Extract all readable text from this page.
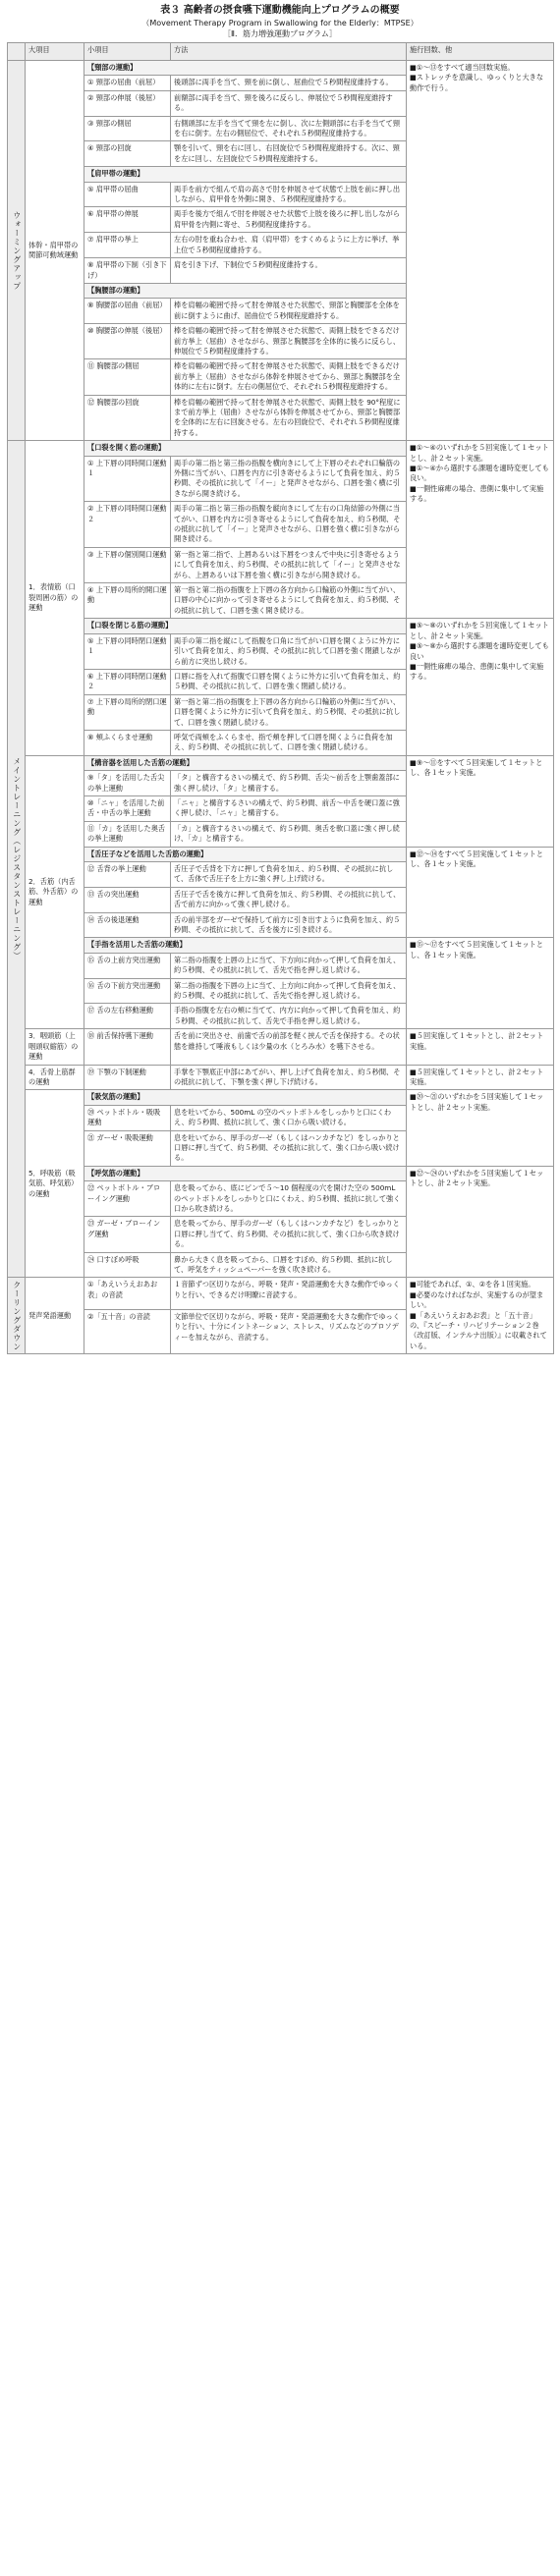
表３ 高齢者の摂食嚥下運動機能向上プログラムの概要
（Movement Therapy Program in Swallowing for the Elderly：MTPSE）
［Ⅱ．筋力増強運動プログラム］
	大項目	小項目	方法	施行回数、他

ウォーミングアップ	体幹・肩甲帯の関節可動域運動	【頸部の運動】		■①〜⑬をすべて適当回数実施。
■ストレッチを意識し、ゆっくりと大きな動作で行う。
		① 頸部の屈曲（前屈）	後頭部に両手を当て、頸を前に倒し、屈曲位で５秒間程度維持する。	
		② 頸部の伸展（後屈）	前額部に両手を当て、頸を後ろに反らし、伸展位で５秒間程度維持する。	
		③ 頸部の側屈	右側頭部に左手を当てて頸を左に倒し、次に左側頭部に右手を当てて頸を右に倒す。左右の側屈位で、それぞれ５秒間程度維持する。	
		④ 頸部の回旋	顎を引いて、頸を右に回し、右回旋位で５秒間程度維持する。次に、頸を左に回し、左回旋位で５秒間程度維持する。	
		【肩甲帯の運動】		
		⑤ 肩甲帯の屈曲	両手を前方で組んで肩の高さで肘を伸展させて状態で上肢を前に押し出しながら、肩甲骨を外側に開き、５秒間程度維持する。	
		⑥ 肩甲帯の伸展	両手を後方で組んで肘を伸展させた状態で上肢を後ろに押し出しながら肩甲骨を内側に寄せ、５秒間程度維持する。	
		⑦ 肩甲帯の挙上	左右の肘を重ね合わせ、肩（肩甲帯）をすくめるように上方に挙げ、挙上位で５秒間程度維持する。	
		⑧ 肩甲帯の下制（引き下げ）	肩を引き下げ、下制位で５秒間程度維持する。	
		【胸腰部の運動】		
		⑧ 胸腰部の屈曲（前屈）	棒を肩幅の範囲で持って肘を伸展させた状態で、頸部と胸腰部を全体を前に倒すように曲げ、屈曲位で５秒間程度維持する。	
		⑩ 胸腰部の伸展（後屈）	棒を肩幅の範囲で持って肘を伸展させた状態で、両側上肢をできるだけ前方挙上（屈曲）させながら、頸部と胸腰部を全体的に後ろに反らし、伸展位で５秒間程度維持する。	
		⑪ 胸腰部の側屈	棒を肩幅の範囲で持って肘を伸展させた状態で、両側上肢をできるだけ前方挙上（屈曲）させながら体幹を伸展させてから、頸部と胸腰部を全体的に左右に倒す。左右の側屈位で、それぞれ５秒間程度維持する。	
		⑫ 胸腰部の回旋	棒を肩幅の範囲で持って肘を伸展させた状態で、両側上肢を 90°程度にまで前方挙上（屈曲）させながら体幹を伸展させてから、頸部と胸腰部を全体的に左右に回旋させる。左右の回旋位で、それぞれ５秒間程度維持する。	

メイントレーニング（レジスタンストレーニング）	1．表情筋（口裂周囲の筋）の運動	【口裂を開く筋の運動】		■①〜④のいずれかを５回実施して１セットとし、計２セット実施。
■①〜④から選択する課題を適時変更しても良い。
■一側性麻痺の場合、患側に集中して実施する。
		① 上下唇の同時開口運動１	両手の第二指と第三指の指腹を横向きにして上下唇のそれぞれ口輪筋の外側に当てがい、口唇を内方に引き寄せるようにして負荷を加え、約５秒間、その抵抗に抗して「イー」と発声させながら、口唇を強く横に引きながら開き続ける。	
		② 上下唇の同時開口運動２	両手の第二指と第三指の指腹を縦向きにして左右の口角結節の外側に当てがい、口唇を内方に引き寄せるようにして負荷を加え、約５秒間、その抵抗に抗して「イー」と発声させながら、口唇を強く横に引きながら開き続ける。	
		③ 上下唇の個別開口運動	第一指と第二指で、上唇あるいは下唇をつまんで中央に引き寄せるようにして負荷を加え、約５秒間、その抵抗に抗して「イー」と発声させながら、上唇あるいは下唇を強く横に引きながら開き続ける。	
		④ 上下唇の局所的開口運動	第一指と第二指の指腹を上下唇の各方向から口輪筋の外側に当てがい、口唇の中心に向かって引き寄せるようにして負荷を加え、約５秒間、その抵抗に抗して、口唇を強く開き続ける。	
		【口裂を閉じる筋の運動】		■⑤〜⑧のいずれかを５回実施して１セットとし、計２セット実施。
■⑤〜⑧から選択する課題を適時変更しても良い
■一側性麻痺の場合、患側に集中して実施する。
		⑤ 上下唇の同時閉口運動１	両手の第二指を縦にして指腹を口角に当てがい口唇を開くように外方に引いて負荷を加え、約５秒間、その抵抗に抗して口唇を強く閉鎖しながら前方に突出し続ける。	
		⑥ 上下唇の同時閉口運動２	口唇に指を入れて指腹で口唇を開くように外方に引いて負荷を加え、約５秒間、その抵抗に抗して、口唇を強く閉鎖し続ける。	
		⑦ 上下唇の局所的閉口運動	第一指と第二指の指腹を上下唇の各方向から口輪筋の外側に当てがい、口唇を開くように外方に引いて負荷を加え、約５秒間、その抵抗に抗して、口唇を強く閉鎖し続ける。	
		⑧ 頬ふくらませ運動	呼気で両頬をふくらませ、指で頬を押して口唇を開くように負荷を加え、約５秒間、その抵抗に抗して、口唇を強く閉鎖し続ける。	
	2．舌筋（内舌筋、外舌筋）の運動	【構音器を活用した舌筋の運動】		■⑨〜⑪をすべて５回実施して１セットとし、各１セット実施。
		⑨「タ」を活用した舌尖の挙上運動	「タ」と構音するさいの構えで、約５秒間、舌尖〜前舌を上顎歯蓋部に強く押し続け、「タ」と構音する。	
		⑩「ニャ」を活用した前舌・中舌の挙上運動	「ニャ」と構音するさいの構えで、約５秒間、前舌〜中舌を硬口蓋に強く押し続け、「ニャ」と構音する。	
		⑪「カ」を活用した奥舌の挙上運動	「カ」と構音するさいの構えで、約５秒間、奥舌を軟口蓋に強く押し続け、「カ」と構音する。	
		【舌圧子などを活用した舌筋の運動】		■⑫〜⑭をすべて５回実施して１セットとし、各１セット実施。
		⑫ 舌背の挙上運動	舌圧子で舌背を下方に押して負荷を加え、約５秒間、その抵抗に抗して、舌体で舌圧子を上方に強く押し上げ続ける。	
		⑬ 舌の突出運動	舌圧子で舌を後方に押して負荷を加え、約５秒間、その抵抗に抗して、舌で前方に向かって強く押し続ける。	
		⑭ 舌の後退運動	舌の前半部をガーゼで保持して前方に引き出すように負荷を加え、約５秒間、その抵抗に抗して、舌を後方に引き続ける。	
		【手指を活用した舌筋の運動】		■⑮〜⑰をすべて５回実施して１セットとし、各１セット実施。
		⑮ 舌の上前方突出運動	第二指の指腹を上唇の上に当て、下方向に向かって押して負荷を加え、約５秒間、その抵抗に抗して、舌先で指を押し返し続ける。	
		⑯ 舌の下前方突出運動	第二指の指腹を下唇の上に当て、上方向に向かって押して負荷を加え、約５秒間、その抵抗に抗して、舌先で指を押し返し続ける。	
		⑰ 舌の左右移動運動	手指の指腹を左右の頬に当てて、内方に向かって押して負荷を加え、約５秒間、その抵抗に抗して、舌先で手指を押し返し続ける。	
	3．咽頭筋（上咽頭収縮筋）の運動	⑱ 前舌保持嚥下運動	舌を前に突出させ、前歯で舌の前部を軽く挟んで舌を保持する。その状態を維持して唾液もしくは少量の水（とろみ水）を嚥下させる。	■５回実施して１セットとし、計２セット実施。
	4．舌骨上筋群の運動	⑲ 下顎の下制運動	手掌を下顎底正中部にあてがい、押し上げて負荷を加え、約５秒間、その抵抗に抗して、下顎を強く押し下げ続ける。	■５回実施して１セットとし、計２セット実施。
	5．呼吸筋（吸気筋、呼気筋）の運動	【吸気筋の運動】		■⑳〜㉑のいずれかを５回実施して１セットとし、計２セット実施。
		⑳ ペットボトル・吸吸運動	息を吐いてから、500mL の空のペットボトルをしっかりと口にくわえ、約５秒間、抵抗に抗して、強く口から吸い続ける。	
		㉑ ガーゼ・吸吸運動	息を吐いてから、厚手のガーゼ（もしくはハンカチなど）をしっかりと口唇に押し当てて、約５秒間、その抵抗に抗して、強く口から吸い続ける。	
		【呼気筋の運動】		■㉒〜㉔のいずれかを５回実施して１セットとし、計２セット実施。
		㉒ ペットボトル・ブローイング運動	息を吸ってから、底にピンで５〜10 個程度の穴を開けた空の 500mL のペットボトルをしっかりと口にくわえ、約５秒間、抵抗に抗して強く口から吹き続ける。	
		㉓ ガーゼ・ブローイング運動	息を吸ってから、厚手のガーゼ（もしくはハンカチなど）をしっかりと口唇に押し当てて、約５秒間、その抵抗に抗して、強く口から吹き続ける。	
		㉔ 口すぼめ呼吸	鼻から大きく息を吸ってから、口唇をすぼめ、約５秒間、抵抗に抗して、呼気をティッシュペーパーを強く吹き続ける。	

クーリングダウン	発声発語運動	①「あえいうえおあお表」の音読	１音節ずつ区切りながら、呼吸・発声・発語運動を大きな動作でゆっくりと行い、できるだけ明瞭に音読する。	■可能であれば、①、②を各１回実施。
■必要のなければなが、実施するのが望ましい。
■「あえいうえおあお表」と「五十音」の、『スピーチ・リハビリテーション２巻（改訂版、インテルナ出版）』に収載されている。
		②「五十音」の音読	文節単位で区切りながら、呼吸・発声・発語運動を大きな動作でゆっくりと行い、十分にイントネーション、ストレス、リズムなどのプロソディーを加えながら、音読する。	
